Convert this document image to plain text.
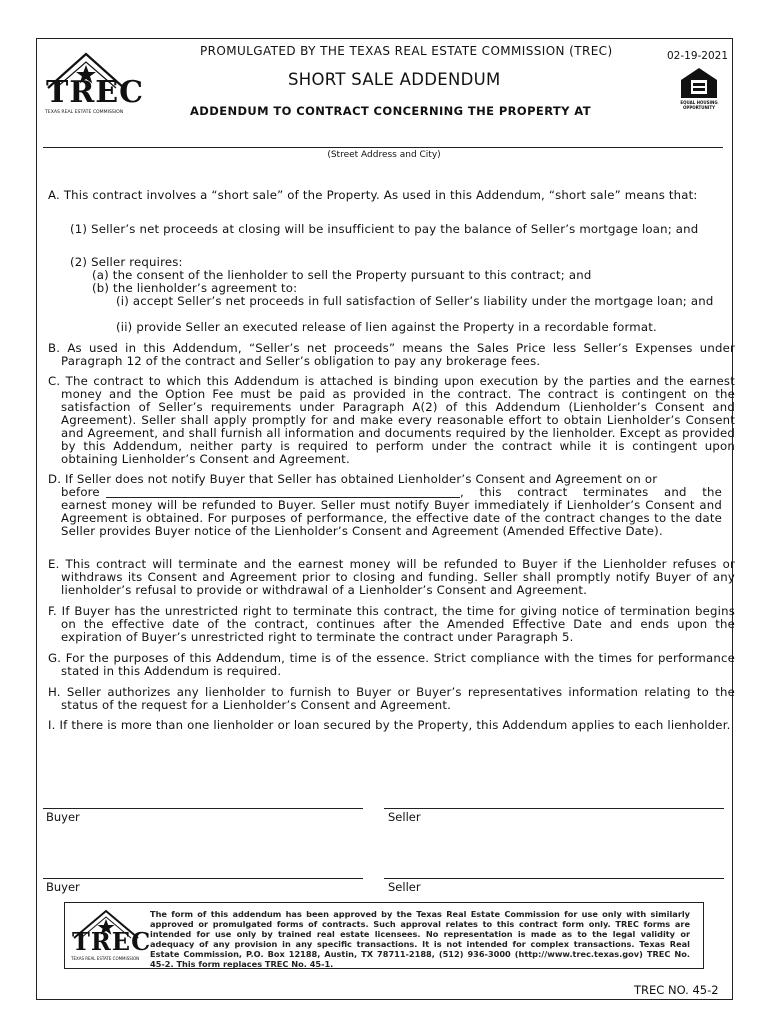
TREC
TEXAS REAL ESTATE COMMISSION
PROMULGATED BY THE TEXAS REAL ESTATE COMMISSION (TREC)	02-19-2021
SHORT SALE ADDENDUM
ADDENDUM TO CONTRACT CONCERNING THE PROPERTY AT
EQUAL HOUSING OPPORTUNITY
(Street Address and City)
A. This contract involves a “short sale” of the Property. As used in this Addendum, “short sale” means that:
(1) Seller’s net proceeds at closing will be insufficient to pay the balance of Seller’s mortgage loan; and
(2) Seller requires:
(a) the consent of the lienholder to sell the Property pursuant to this contract; and
(b) the lienholder’s agreement to:
(i) accept Seller’s net proceeds in full satisfaction of Seller’s liability under the mortgage loan; and
(ii) provide Seller an executed release of lien against the Property in a recordable format.
B. As used in this Addendum, “Seller’s net proceeds” means the Sales Price less Seller’s Expenses under Paragraph 12 of the contract and Seller’s obligation to pay any brokerage fees.
C. The contract to which this Addendum is attached is binding upon execution by the parties and the earnest money and the Option Fee must be paid as provided in the contract. The contract is contingent on the satisfaction of Seller’s requirements under Paragraph A(2) of this Addendum (Lienholder’s Consent and Agreement). Seller shall apply promptly for and make every reasonable effort to obtain Lienholder’s Consent and Agreement, and shall furnish all information and documents required by the lienholder. Except as provided by this Addendum, neither party is required to perform under the contract while it is contingent upon obtaining Lienholder’s Consent and Agreement.
D. If Seller does not notify Buyer that Seller has obtained Lienholder’s Consent and Agreement on or
before	, this contract terminates and the
earnest money will be refunded to Buyer. Seller must notify Buyer immediately if Lienholder’s Consent and Agreement is obtained. For purposes of performance, the effective date of the contract changes to the date Seller provides Buyer notice of the Lienholder’s Consent and Agreement (Amended Effective Date).
E. This contract will terminate and the earnest money will be refunded to Buyer if the Lienholder refuses or withdraws its Consent and Agreement prior to closing and funding. Seller shall promptly notify Buyer of any lienholder’s refusal to provide or withdrawal of a Lienholder’s Consent and Agreement.
F. If Buyer has the unrestricted right to terminate this contract, the time for giving notice of termination begins on the effective date of the contract, continues after the Amended Effective Date and ends upon the expiration of Buyer’s unrestricted right to terminate the contract under Paragraph 5.
G. For the purposes of this Addendum, time is of the essence. Strict compliance with the times for performance stated in this Addendum is required.
H. Seller authorizes any lienholder to furnish to Buyer or Buyer’s representatives information relating to the status of the request for a Lienholder’s Consent and Agreement.
I. If there is more than one lienholder or loan secured by the Property, this Addendum applies to each lienholder.
Buyer	Seller
Buyer	Seller
TREC
TEXAS REAL ESTATE COMMISSION
The form of this addendum has been approved by the Texas Real Estate Commission for use only with similarly approved or promulgated forms of contracts. Such approval relates to this contract form only. TREC forms are intended for use only by trained real estate licensees. No representation is made as to the legal validity or adequacy of any provision in any specific transactions. It is not intended for complex transactions. Texas Real Estate Commission, P.O. Box 12188, Austin, TX 78711-2188, (512) 936-3000 (http://www.trec.texas.gov) TREC No. 45-2. This form replaces TREC No. 45-1.
TREC NO. 45-2
